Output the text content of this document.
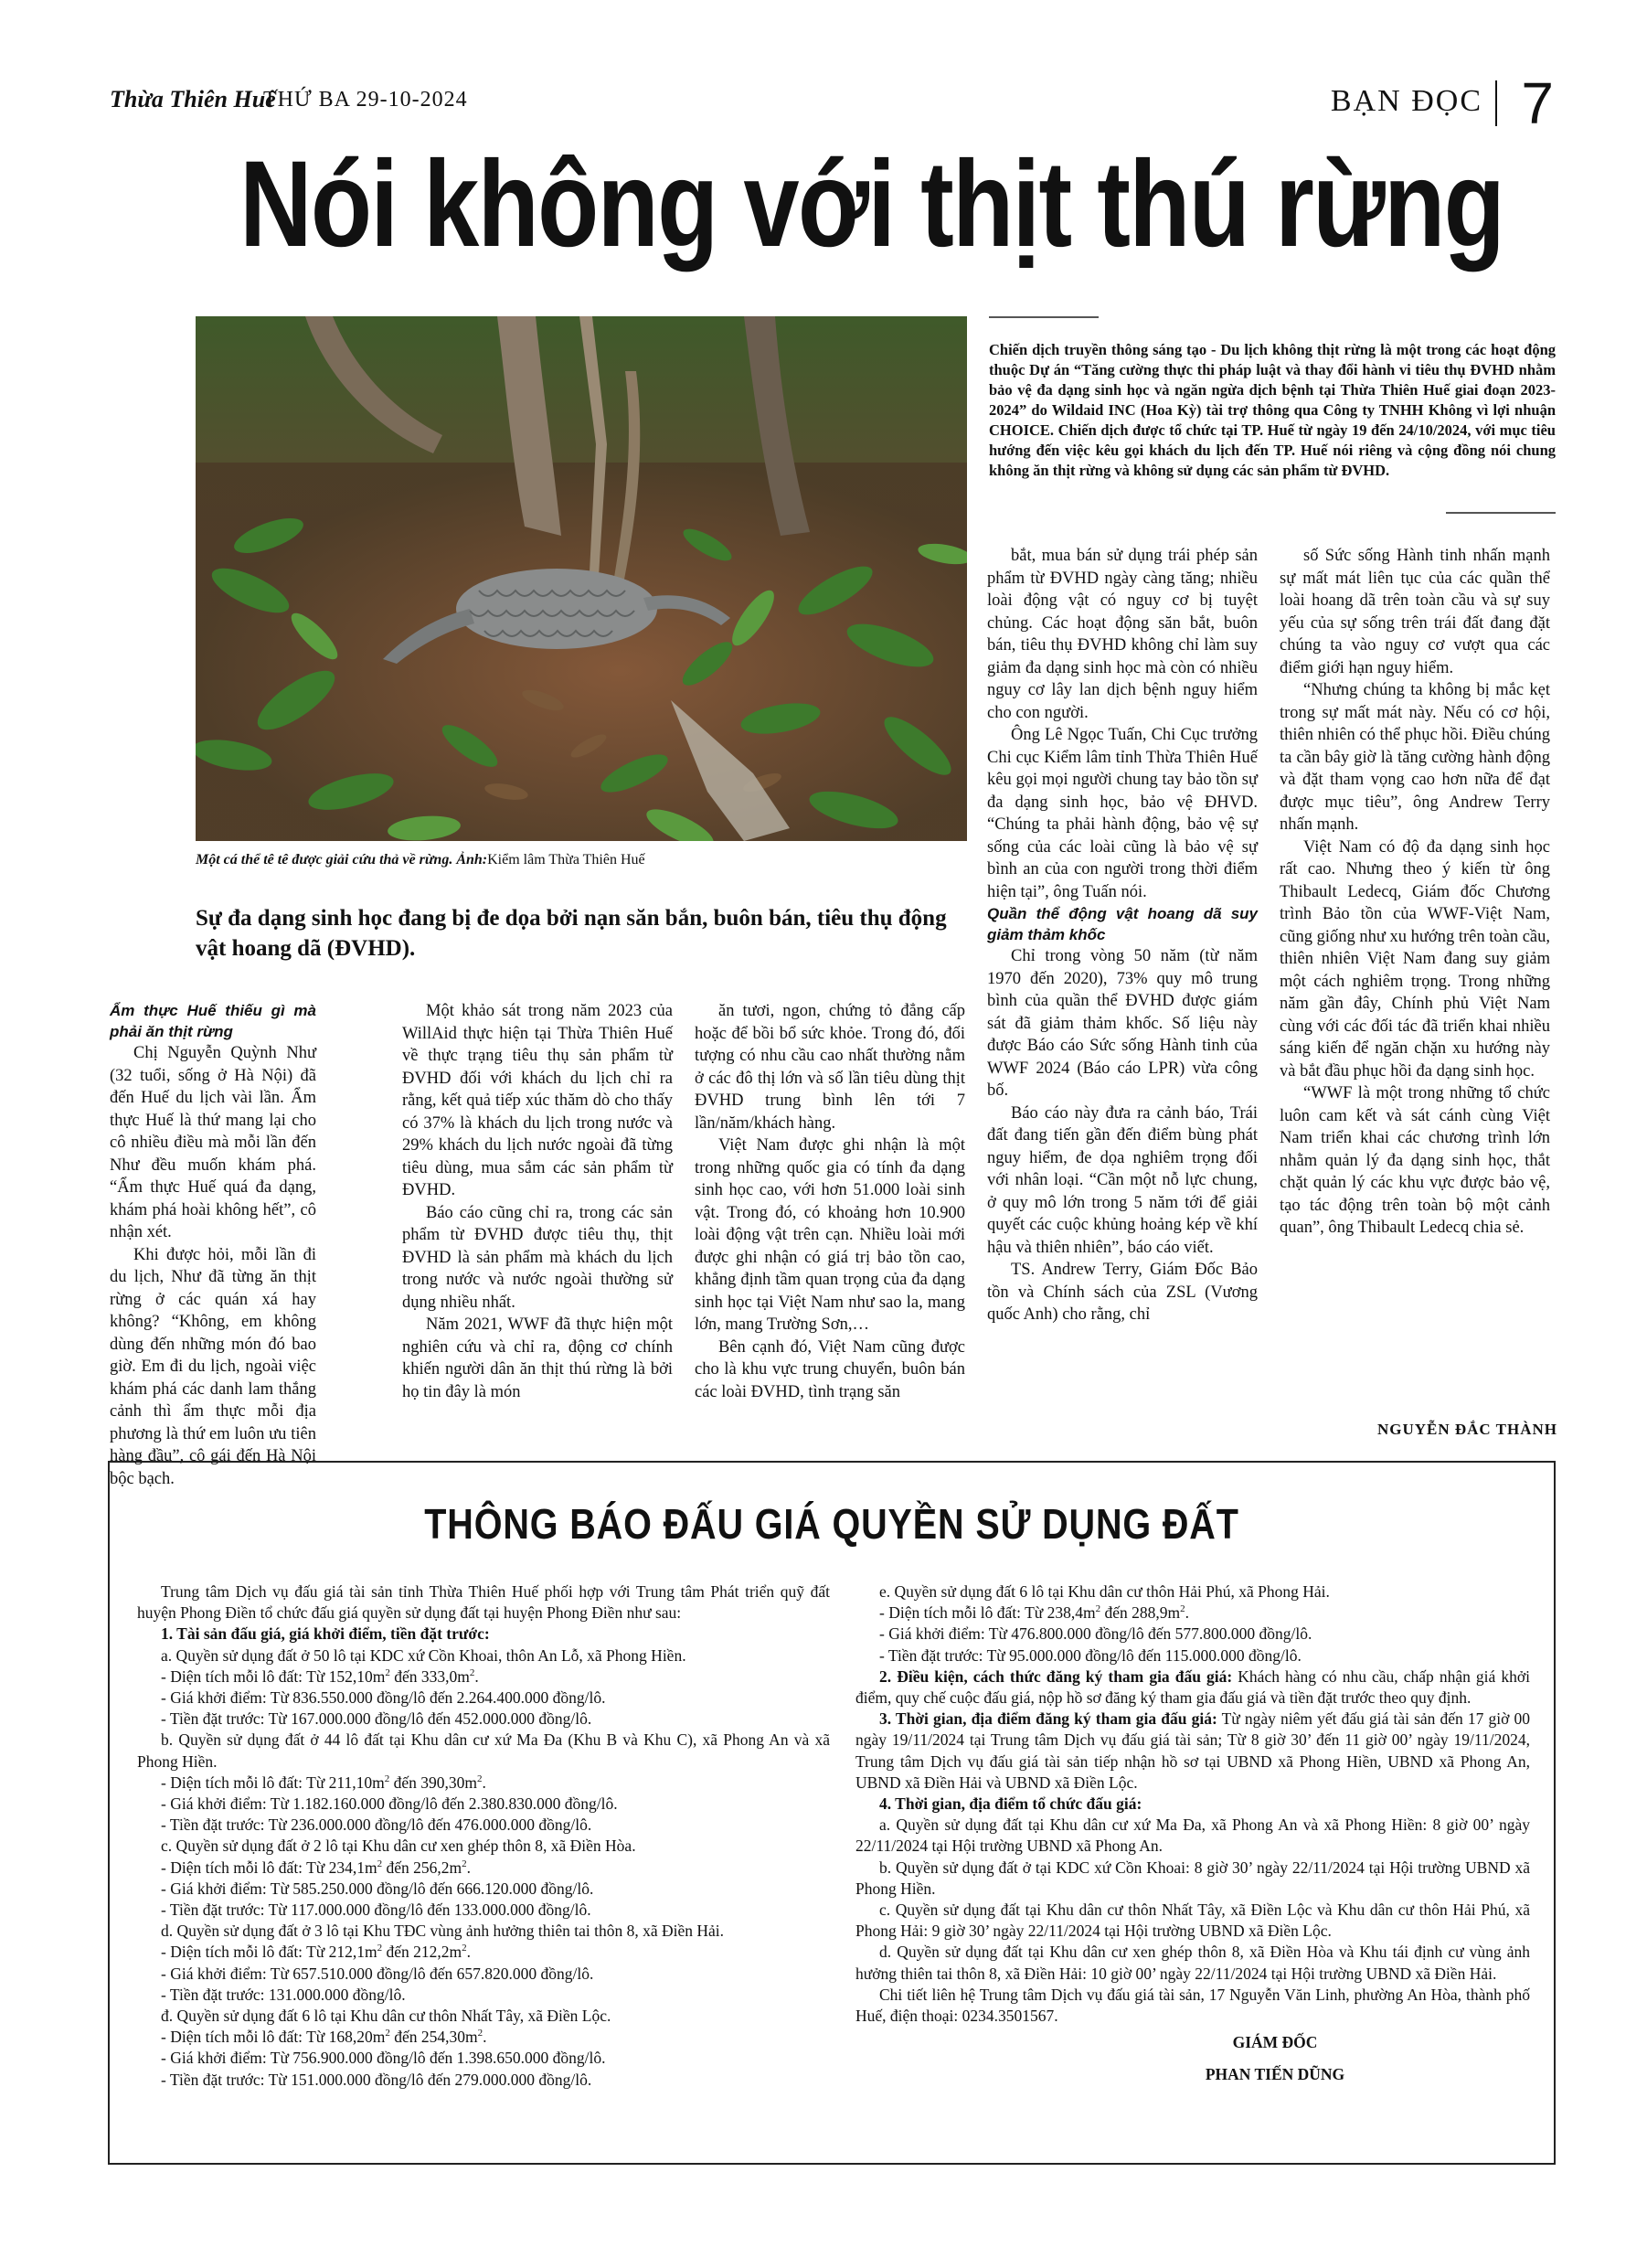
Thừa Thiên Huế
THỨ BA 29-10-2024	BẠN ĐỌC 7
Nói không với thịt thú rừng
Một cá thể tê tê được giải cứu thả về rừng. Ảnh:Kiểm lâm Thừa Thiên Huế
Chiến dịch truyền thông sáng tạo - Du lịch không thịt rừng là một trong các hoạt động thuộc Dự án “Tăng cường thực thi pháp luật và thay đổi hành vi tiêu thụ ĐVHD nhằm bảo vệ đa dạng sinh học và ngăn ngừa dịch bệnh tại Thừa Thiên Huế giai đoạn 2023-2024” do Wildaid INC (Hoa Kỳ) tài trợ thông qua Công ty TNHH Không vì lợi nhuận CHOICE. Chiến dịch được tổ chức tại TP. Huế từ ngày 19 đến 24/10/2024, với mục tiêu hướng đến việc kêu gọi khách du lịch đến TP. Huế nói riêng và cộng đồng nói chung không ăn thịt rừng và không sử dụng các sản phẩm từ ĐVHD.
Sự đa dạng sinh học đang bị đe dọa bởi nạn săn bắn, buôn bán, tiêu thụ động vật hoang dã (ĐVHD).

Ẩm thực Huế thiếu gì mà phải ăn thịt rừng

Chị Nguyễn Quỳnh Như (32 tuổi, sống ở Hà Nội) đã đến Huế du lịch vài lần. Ẩm thực Huế là thứ mang lại cho cô nhiều điều mà mỗi lần đến Như đều muốn khám phá. “Ẩm thực Huế quá đa dạng, khám phá hoài không hết”, cô nhận xét.

Khi được hỏi, mỗi lần đi du lịch, Như đã từng ăn thịt rừng ở các quán xá hay không? “Không, em không dùng đến những món đó bao giờ. Em đi du lịch, ngoài việc khám phá các danh lam thắng cảnh thì ẩm thực mỗi địa phương là thứ em luôn ưu tiên hàng đầu”, cô gái đến Hà Nội bộc bạch.

Một khảo sát trong năm 2023 của WillAid thực hiện tại Thừa Thiên Huế về thực trạng tiêu thụ sản phẩm từ ĐVHD đối với khách du lịch chỉ ra rằng, kết quả tiếp xúc thăm dò cho thấy có 37% là khách du lịch trong nước và 29% khách du lịch nước ngoài đã từng tiêu dùng, mua sắm các sản phẩm từ ĐVHD.

Báo cáo cũng chỉ ra, trong các sản phẩm từ ĐVHD được tiêu thụ, thịt ĐVHD là sản phẩm mà khách du lịch trong nước và nước ngoài thường sử dụng nhiều nhất.

Năm 2021, WWF đã thực hiện một nghiên cứu và chỉ ra, động cơ chính khiến người dân ăn thịt thú rừng là bởi họ tin đây là món

ăn tươi, ngon, chứng tỏ đẳng cấp hoặc để bồi bổ sức khỏe. Trong đó, đối tượng có nhu cầu cao nhất thường nằm ở các đô thị lớn và số lần tiêu dùng thịt ĐVHD trung bình lên tới 7 lần/năm/khách hàng.

Việt Nam được ghi nhận là một trong những quốc gia có tính đa dạng sinh học cao, với hơn 51.000 loài sinh vật. Trong đó, có khoảng hơn 10.900 loài động vật trên cạn. Nhiều loài mới được ghi nhận có giá trị bảo tồn cao, khẳng định tầm quan trọng của đa dạng sinh học tại Việt Nam như sao la, mang lớn, mang Trường Sơn,…

Bên cạnh đó, Việt Nam cũng được cho là khu vực trung chuyển, buôn bán các loài ĐVHD, tình trạng săn

bắt, mua bán sử dụng trái phép sản phẩm từ ĐVHD ngày càng tăng; nhiều loài động vật có nguy cơ bị tuyệt chủng. Các hoạt động săn bắt, buôn bán, tiêu thụ ĐVHD không chỉ làm suy giảm đa dạng sinh học mà còn có nhiều nguy cơ lây lan dịch bệnh nguy hiểm cho con người.

Ông Lê Ngọc Tuấn, Chi Cục trưởng Chi cục Kiểm lâm tỉnh Thừa Thiên Huế kêu gọi mọi người chung tay bảo tồn sự đa dạng sinh học, bảo vệ ĐHVD. “Chúng ta phải hành động, bảo vệ sự sống của các loài cũng là bảo vệ sự bình an của con người trong thời điểm hiện tại”, ông Tuấn nói.

Quần thể động vật hoang dã suy giảm thảm khốc

Chỉ trong vòng 50 năm (từ năm 1970 đến 2020), 73% quy mô trung bình của quần thể ĐVHD được giám sát đã giảm thảm khốc. Số liệu này được Báo cáo Sức sống Hành tinh của WWF 2024 (Báo cáo LPR) vừa công bố.

Báo cáo này đưa ra cảnh báo, Trái đất đang tiến gần đến điểm bùng phát nguy hiểm, đe dọa nghiêm trọng đối với nhân loại. “Cần một nỗ lực chung, ở quy mô lớn trong 5 năm tới để giải quyết các cuộc khủng hoảng kép về khí hậu và thiên nhiên”, báo cáo viết.

TS. Andrew Terry, Giám Đốc Bảo tồn và Chính sách của ZSL (Vương quốc Anh) cho rằng, chỉ

số Sức sống Hành tinh nhấn mạnh sự mất mát liên tục của các quần thể loài hoang dã trên toàn cầu và sự suy yếu của sự sống trên trái đất đang đặt chúng ta vào nguy cơ vượt qua các điểm giới hạn nguy hiểm.

“Nhưng chúng ta không bị mắc kẹt trong sự mất mát này. Nếu có cơ hội, thiên nhiên có thể phục hồi. Điều chúng ta cần bây giờ là tăng cường hành động và đặt tham vọng cao hơn nữa để đạt được mục tiêu”, ông Andrew Terry nhấn mạnh.

Việt Nam có độ đa dạng sinh học rất cao. Nhưng theo ý kiến từ ông Thibault Ledecq, Giám đốc Chương trình Bảo tồn của WWF-Việt Nam, cũng giống như xu hướng trên toàn cầu, thiên nhiên Việt Nam đang suy giảm một cách nghiêm trọng. Trong những năm gần đây, Chính phủ Việt Nam cùng với các đối tác đã triển khai nhiều sáng kiến để ngăn chặn xu hướng này và bắt đầu phục hồi đa dạng sinh học.

“WWF là một trong những tổ chức luôn cam kết và sát cánh cùng Việt Nam triển khai các chương trình lớn nhằm quản lý đa dạng sinh học, thắt chặt quản lý các khu vực được bảo vệ, tạo tác động trên toàn bộ một cảnh quan”, ông Thibault Ledecq chia sẻ.

NGUYỄN ĐẮC THÀNH
THÔNG BÁO ĐẤU GIÁ QUYỀN SỬ DỤNG ĐẤT

Trung tâm Dịch vụ đấu giá tài sản tỉnh Thừa Thiên Huế phối hợp với Trung tâm Phát triển quỹ đất huyện Phong Điền tổ chức đấu giá quyền sử dụng đất tại huyện Phong Điền như sau:

1. Tài sản đấu giá, giá khởi điểm, tiền đặt trước:

a. Quyền sử dụng đất ở 50 lô tại KDC xứ Cồn Khoai, thôn An Lỗ, xã Phong Hiền.

- Diện tích mỗi lô đất: Từ $152,10m^2$ đến $333,0m^2$.

- Giá khởi điểm: Từ 836.550.000 đồng/lô đến 2.264.400.000 đồng/lô.

- Tiền đặt trước: Từ 167.000.000 đồng/lô đến 452.000.000 đồng/lô.

b. Quyền sử dụng đất ở 44 lô đất tại Khu dân cư xứ Ma Đa (Khu B và Khu C), xã Phong An và xã Phong Hiền.

- Diện tích mỗi lô đất: Từ $211,10m^2$ đến $390,30m^2$.

- Giá khởi điểm: Từ 1.182.160.000 đồng/lô đến 2.380.830.000 đồng/lô.

- Tiền đặt trước: Từ 236.000.000 đồng/lô đến 476.000.000 đồng/lô.

c. Quyền sử dụng đất ở 2 lô tại Khu dân cư xen ghép thôn 8, xã Điền Hòa.

- Diện tích mỗi lô đất: Từ $234,1m^2$ đến $256,2m^2$.

- Giá khởi điểm: Từ 585.250.000 đồng/lô đến 666.120.000 đồng/lô.

- Tiền đặt trước: Từ 117.000.000 đồng/lô đến 133.000.000 đồng/lô.

d. Quyền sử dụng đất ở 3 lô tại Khu TĐC vùng ảnh hưởng thiên tai thôn 8, xã Điền Hải.

- Diện tích mỗi lô đất: Từ $212,1m^2$ đến $212,2m^2$.

- Giá khởi điểm: Từ 657.510.000 đồng/lô đến 657.820.000 đồng/lô.

- Tiền đặt trước: 131.000.000 đồng/lô.

đ. Quyền sử dụng đất 6 lô tại Khu dân cư thôn Nhất Tây, xã Điền Lộc.

- Diện tích mỗi lô đất: Từ $168,20m^2$ đến $254,30m^2$.

- Giá khởi điểm: Từ 756.900.000 đồng/lô đến 1.398.650.000 đồng/lô.

- Tiền đặt trước: Từ 151.000.000 đồng/lô đến 279.000.000 đồng/lô.

e. Quyền sử dụng đất 6 lô tại Khu dân cư thôn Hải Phú, xã Phong Hải.

- Diện tích mỗi lô đất: Từ $238,4m^2$ đến $288,9m^2$.

- Giá khởi điểm: Từ 476.800.000 đồng/lô đến 577.800.000 đồng/lô.

- Tiền đặt trước: Từ 95.000.000 đồng/lô đến 115.000.000 đồng/lô.

2. Điều kiện, cách thức đăng ký tham gia đấu giá: Khách hàng có nhu cầu, chấp nhận giá khởi điểm, quy chế cuộc đấu giá, nộp hồ sơ đăng ký tham gia đấu giá và tiền đặt trước theo quy định.

3. Thời gian, địa điểm đăng ký tham gia đấu giá: Từ ngày niêm yết đấu giá tài sản đến 17 giờ 00 ngày 19/11/2024 tại Trung tâm Dịch vụ đấu giá tài sản; Từ 8 giờ 30’ đến 11 giờ 00’ ngày 19/11/2024, Trung tâm Dịch vụ đấu giá tài sản tiếp nhận hồ sơ tại UBND xã Phong Hiền, UBND xã Phong An, UBND xã Điền Hải và UBND xã Điền Lộc.

4. Thời gian, địa điểm tổ chức đấu giá:

a. Quyền sử dụng đất tại Khu dân cư xứ Ma Đa, xã Phong An và xã Phong Hiền: 8 giờ 00’ ngày 22/11/2024 tại Hội trường UBND xã Phong An.

b. Quyền sử dụng đất ở tại KDC xứ Cồn Khoai: 8 giờ 30’ ngày 22/11/2024 tại Hội trường UBND xã Phong Hiền.

c. Quyền sử dụng đất tại Khu dân cư thôn Nhất Tây, xã Điền Lộc và Khu dân cư thôn Hải Phú, xã Phong Hải: 9 giờ 30’ ngày 22/11/2024 tại Hội trường UBND xã Điền Lộc.

d. Quyền sử dụng đất tại Khu dân cư xen ghép thôn 8, xã Điền Hòa và Khu tái định cư vùng ảnh hưởng thiên tai thôn 8, xã Điền Hải: 10 giờ 00’ ngày 22/11/2024 tại Hội trường UBND xã Điền Hải.

Chi tiết liên hệ Trung tâm Dịch vụ đấu giá tài sản, 17 Nguyễn Văn Linh, phường An Hòa, thành phố Huế, điện thoại: 0234.3501567.

GIÁM ĐỐC

PHAN TIẾN DŨNG
